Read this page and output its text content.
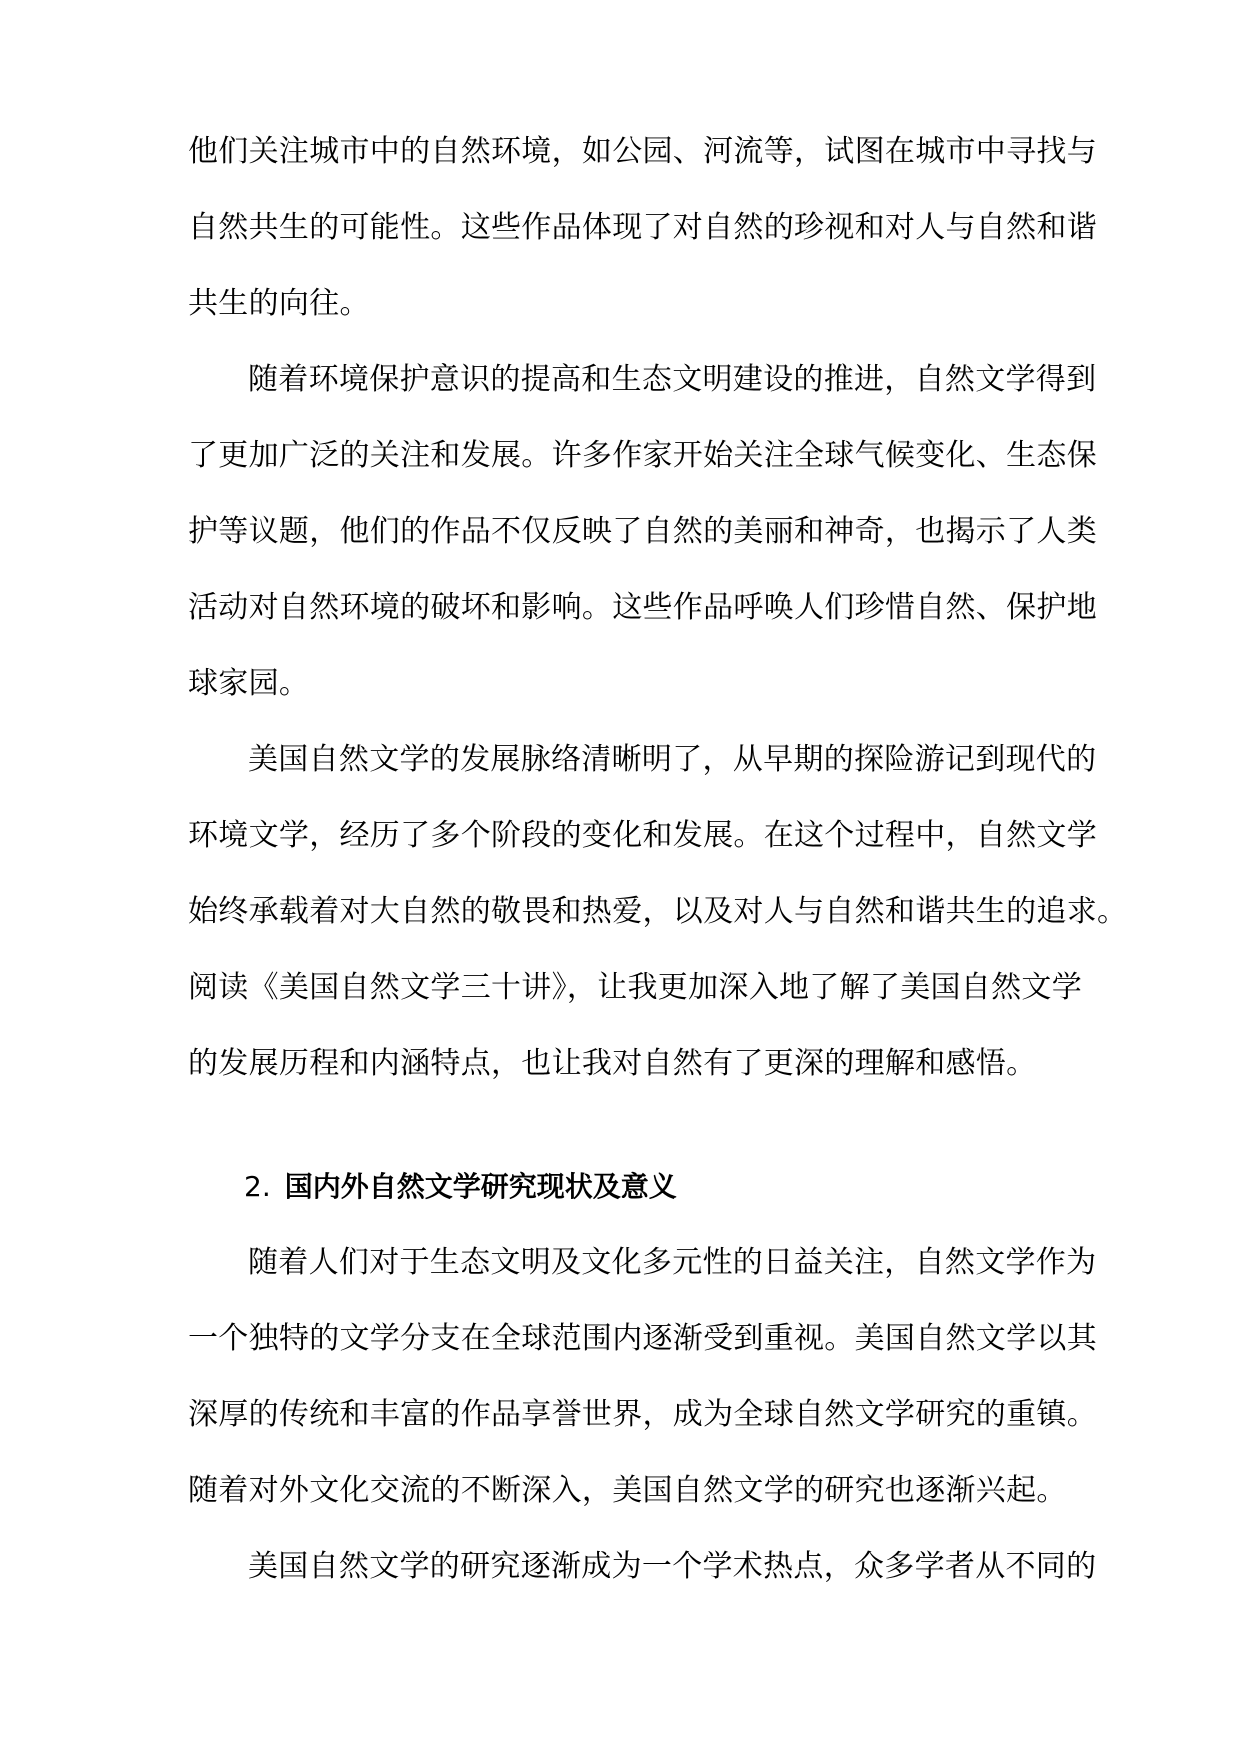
他们关注城市中的自然环境，如公园、河流等，试图在城市中寻找与
自然共生的可能性。这些作品体现了对自然的珍视和对人与自然和谐
共生的向往。
随着环境保护意识的提高和生态文明建设的推进，自然文学得到
了更加广泛的关注和发展。许多作家开始关注全球气候变化、生态保
护等议题，他们的作品不仅反映了自然的美丽和神奇，也揭示了人类
活动对自然环境的破坏和影响。这些作品呼唤人们珍惜自然、保护地
球家园。
美国自然文学的发展脉络清晰明了，从早期的探险游记到现代的
环境文学，经历了多个阶段的变化和发展。在这个过程中，自然文学
始终承载着对大自然的敬畏和热爱，以及对人与自然和谐共生的追求。
阅读《美国自然文学三十讲》，让我更加深入地了解了美国自然文学
的发展历程和内涵特点，也让我对自然有了更深的理解和感悟。
2. 国内外自然文学研究现状及意义
随着人们对于生态文明及文化多元性的日益关注，自然文学作为
一个独特的文学分支在全球范围内逐渐受到重视。美国自然文学以其
深厚的传统和丰富的作品享誉世界，成为全球自然文学研究的重镇。
随着对外文化交流的不断深入，美国自然文学的研究也逐渐兴起。
美国自然文学的研究逐渐成为一个学术热点，众多学者从不同的
